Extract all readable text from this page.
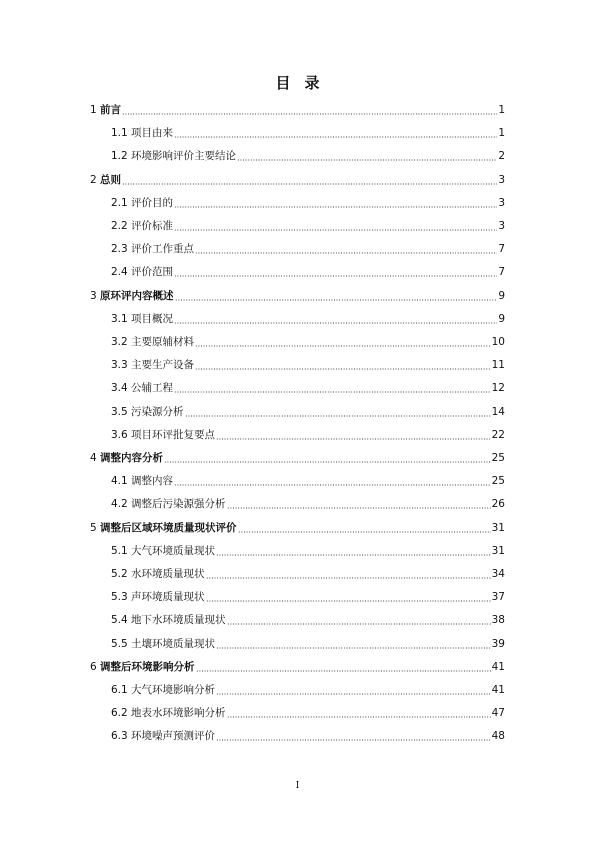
目 录
1 前言	1
1.1 项目由来	1
1.2 环境影响评价主要结论	2
2 总则	3
2.1 评价目的	3
2.2 评价标准	3
2.3 评价工作重点	7
2.4 评价范围	7
3 原环评内容概述	9
3.1 项目概况	9
3.2 主要原辅材料	10
3.3 主要生产设备	11
3.4 公辅工程	12
3.5 污染源分析	14
3.6 项目环评批复要点	22
4 调整内容分析	25
4.1 调整内容	25
4.2 调整后污染源强分析	26
5 调整后区域环境质量现状评价	31
5.1 大气环境质量现状	31
5.2 水环境质量现状	34
5.3 声环境质量现状	37
5.4 地下水环境质量现状	38
5.5 土壤环境质量现状	39
6 调整后环境影响分析	41
6.1 大气环境影响分析	41
6.2 地表水环境影响分析	47
6.3 环境噪声预测评价	48
I
